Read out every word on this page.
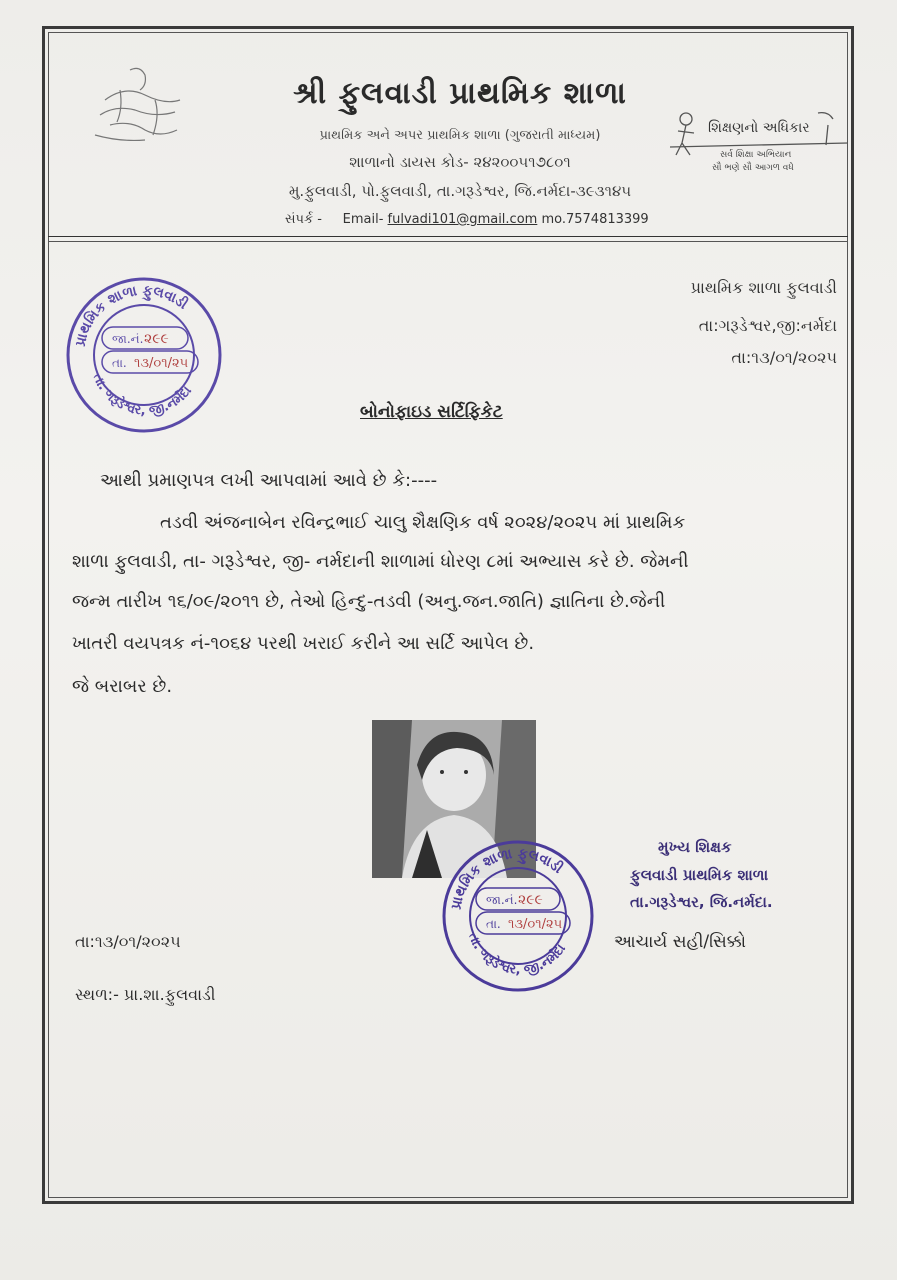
શ્રી ફુલવાડી પ્રાથમિક શાળા
પ્રાથમિક અને અપર પ્રાથમિક શાળા (ગુજરાતી માધ્યમ)
શાળાનો ડાયસ કોડ- ૨૪૨૦૦૫૧૭૮૦૧
મુ.ફુલવાડી, પો.ફુલવાડી, તા.ગરૂડેશ્વર, જિ.નર્મદા-૩૯૩૧૪૫
સંપર્ક - Email- fulvadi101@gmail.com mo.7574813399
શિક્ષણનો અધિકાર
સર્વ શિક્ષા અભિયાન
સૌ ભણે સૌ આગળ વધે
પ્રાથમિક શાળા ફુલવાડી
તા:ગરૂડેશ્વર,જી:નર્મદા
તા:૧૩/૦૧/૨૦૨૫
પ્રાથમિક શાળા ફુલવાડી
તા. ગરૂડેશ્વર, જી.નર્મદા
જા.નં. ૨૯૯
તા. ૧૩/૦૧/૨૫
બોનોફાઇડ સર્ટિફિકેટ
આથી પ્રમાણપત્ર લખી આપવામાં આવે છે કે:----
તડવી અંજનાબેન રવિન્દ્રભાઈ ચાલુ શૈક્ષણિક વર્ષ ૨૦૨૪/૨૦૨૫ માં પ્રાથમિક
શાળા ફુલવાડી, તા- ગરૂડેશ્વર, જી- નર્મદાની શાળામાં ધોરણ ૮માં અભ્યાસ કરે છે. જેમની
જન્મ તારીખ ૧૬/૦૯/૨૦૧૧ છે, તેઓ હિન્દુ-તડવી (અનુ.જન.જાતિ) જ્ઞાતિના છે.જેની
ખાતરી વયપત્રક નં-૧૦૬૪ પરથી ખરાઈ કરીને આ સર્ટિ આપેલ છે.
જે બરાબર છે.
પ્રાથમિક શાળા ફુલવાડી
તા. ગરૂડેશ્વર, જી.નર્મદા
જા.નં. ૨૯૯
તા. ૧૩/૦૧/૨૫
મુખ્ય શિક્ષક
ફુલવાડી પ્રાથમિક શાળા
તા.ગરૂડેશ્વર, જિ.નર્મદા.
આચાર્ય સહી/સિક્કો
તા:૧૩/૦૧/૨૦૨૫
સ્થળ:- પ્રા.શા.ફુલવાડી
